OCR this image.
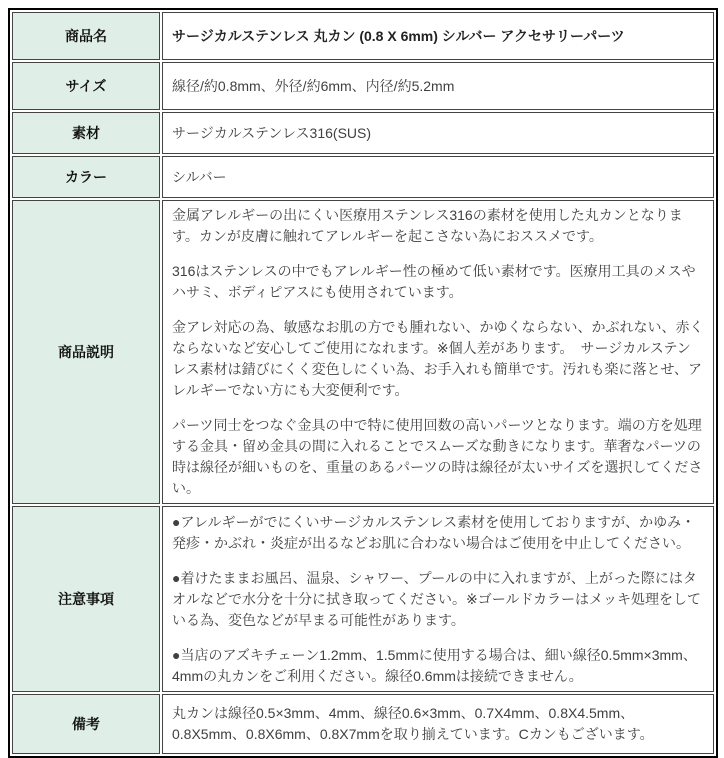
商品名	サージカルステンレス 丸カン (0.8 X 6mm) シルバー アクセサリーパーツ

サイズ	線径/約0.8mm、外径/約6mm、内径/約5.2mm

素材	サージカルステンレス316(SUS)

カラー	シルバー

商品説明	金属アレルギーの出にくい医療用ステンレス316の素材を使用した丸カンとなります。カンが皮膚に触れてアレルギーを起こさない為におススメです。

316はステンレスの中でもアレルギー性の極めて低い素材です。医療用工具のメスやハサミ、ボディピアスにも使用されています。

金アレ対応の為、敏感なお肌の方でも腫れない、かゆくならない、かぶれない、赤くならないなど安心してご使用になれます。※個人差があります。　サージカルステンレス素材は錆びにくく変色しにくい為、お手入れも簡単です。汚れも楽に落とせ、アレルギーでない方にも大変便利です。

パーツ同士をつなぐ金具の中で特に使用回数の高いパーツとなります。端の方を処理する金具・留め金具の間に入れることでスムーズな動きになります。華奢なパーツの時は線径が細いものを、重量のあるパーツの時は線径が太いサイズを選択してください。

注意事項	●アレルギーがでにくいサージカルステンレス素材を使用しておりますが、かゆみ・発疹・かぶれ・炎症が出るなどお肌に合わない場合はご使用を中止してください。

●着けたままお風呂、温泉、シャワー、プールの中に入れますが、上がった際にはタオルなどで水分を十分に拭き取ってください。※ゴールドカラーはメッキ処理をしている為、変色などが早まる可能性があります。

●当店のアズキチェーン1.2mm、1.5mmに使用する場合は、細い線径0.5mm×3mm、4mmの丸カンをご利用ください。線径0.6mmは接続できません。

備考	丸カンは線径0.5×3mm、4mm、線径0.6×3mm、0.7X4mm、0.8X4.5mm、0.8X5mm、0.8X6mm、0.8X7mmを取り揃えています。Cカンもございます。
